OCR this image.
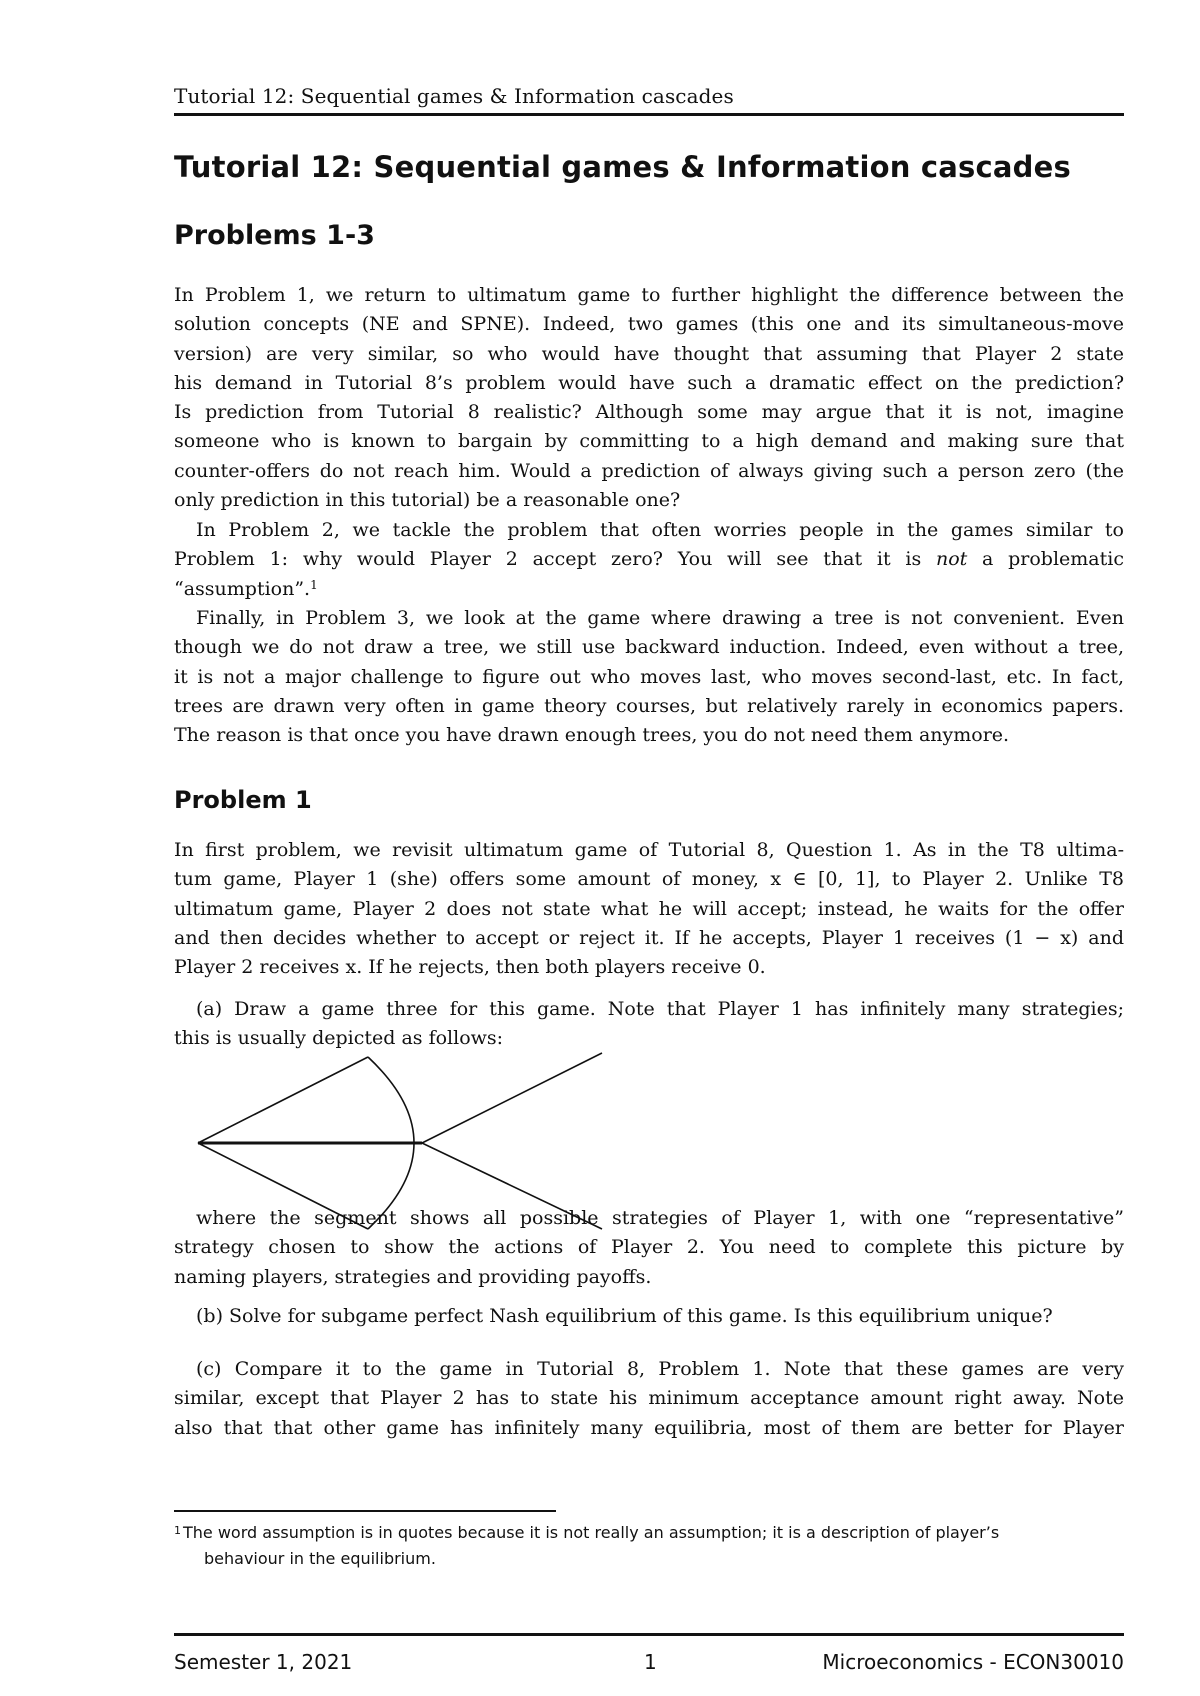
Tutorial 12: Sequential games & Information cascades
Tutorial 12: Sequential games & Information cascades
Problems 1-3
In Problem 1, we return to ultimatum game to further highlight the difference between the
solution concepts (NE and SPNE). Indeed, two games (this one and its simultaneous-move
version) are very similar, so who would have thought that assuming that Player 2 state
his demand in Tutorial 8’s problem would have such a dramatic effect on the prediction?
Is prediction from Tutorial 8 realistic? Although some may argue that it is not, imagine
someone who is known to bargain by committing to a high demand and making sure that
counter-offers do not reach him. Would a prediction of always giving such a person zero (the
only prediction in this tutorial) be a reasonable one?
In Problem 2, we tackle the problem that often worries people in the games similar to
Problem 1: why would Player 2 accept zero? You will see that it is not a problematic
“assumption”.$^1$
Finally, in Problem 3, we look at the game where drawing a tree is not convenient. Even
though we do not draw a tree, we still use backward induction. Indeed, even without a tree,
it is not a major challenge to figure out who moves last, who moves second-last, etc. In fact,
trees are drawn very often in game theory courses, but relatively rarely in economics papers.
The reason is that once you have drawn enough trees, you do not need them anymore.
Problem 1
In first problem, we revisit ultimatum game of Tutorial 8, Question 1. As in the T8 ultima-
tum game, Player 1 (she) offers some amount of money, x ∈ [0, 1], to Player 2. Unlike T8
ultimatum game, Player 2 does not state what he will accept; instead, he waits for the offer
and then decides whether to accept or reject it. If he accepts, Player 1 receives (1 − x) and
Player 2 receives x. If he rejects, then both players receive 0.
(a) Draw a game three for this game. Note that Player 1 has infinitely many strategies;
this is usually depicted as follows:
where the segment shows all possible strategies of Player 1, with one “representative”
strategy chosen to show the actions of Player 2. You need to complete this picture by
naming players, strategies and providing payoffs.
(b) Solve for subgame perfect Nash equilibrium of this game. Is this equilibrium unique?
(c) Compare it to the game in Tutorial 8, Problem 1. Note that these games are very
similar, except that Player 2 has to state his minimum acceptance amount right away. Note
also that that other game has infinitely many equilibria, most of them are better for Player
$^1$ The word assumption is in quotes because it is not really an assumption; it is a description of player’s
behaviour in the equilibrium.
Semester 1, 2021	1	Microeconomics - ECON30010
